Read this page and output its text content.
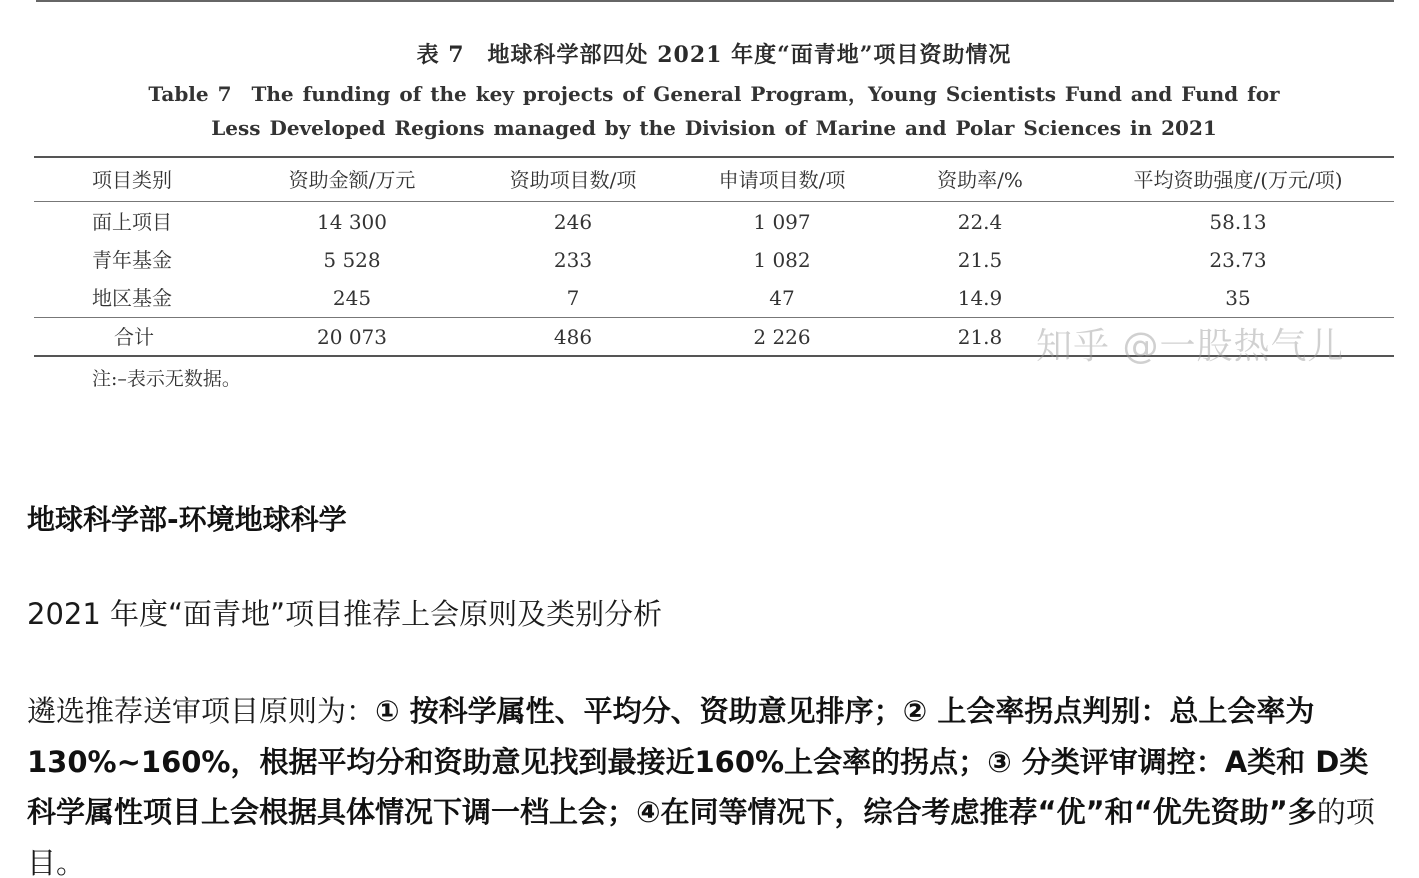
表 7　地球科学部四处 2021 年度“面青地”项目资助情况
Table 7　The funding of the key projects of General Program，Young Scientists Fund and Fund for
Less Developed Regions managed by the Division of Marine and Polar Sciences in 2021
项目类别	资助金额/万元	资助项目数/项	申请项目数/项	资助率/%	平均资助强度/(万元/项)
面上项目	14 300	246	1 097	22.4	58.13
青年基金	5 528	233	1 082	21.5	23.73
地区基金	245	7	47	14.9	35
合计	20 073	486	2 226	21.8 知乎 @一股热气儿
注:–表示无数据。
地球科学部-环境地球科学
2021 年度“面青地”项目推荐上会原则及类别分析
遴选推荐送审项目原则为：① 按科学属性、平均分、资助意见排序；② 上会率拐点判别：总上会率为130%~160%，根据平均分和资助意见找到最接近160%上会率的拐点；③ 分类评审调控：A类和 D类科学属性项目上会根据具体情况下调一档上会；④在同等情况下，综合考虑推荐“优”和“优先资助”多的项目。
